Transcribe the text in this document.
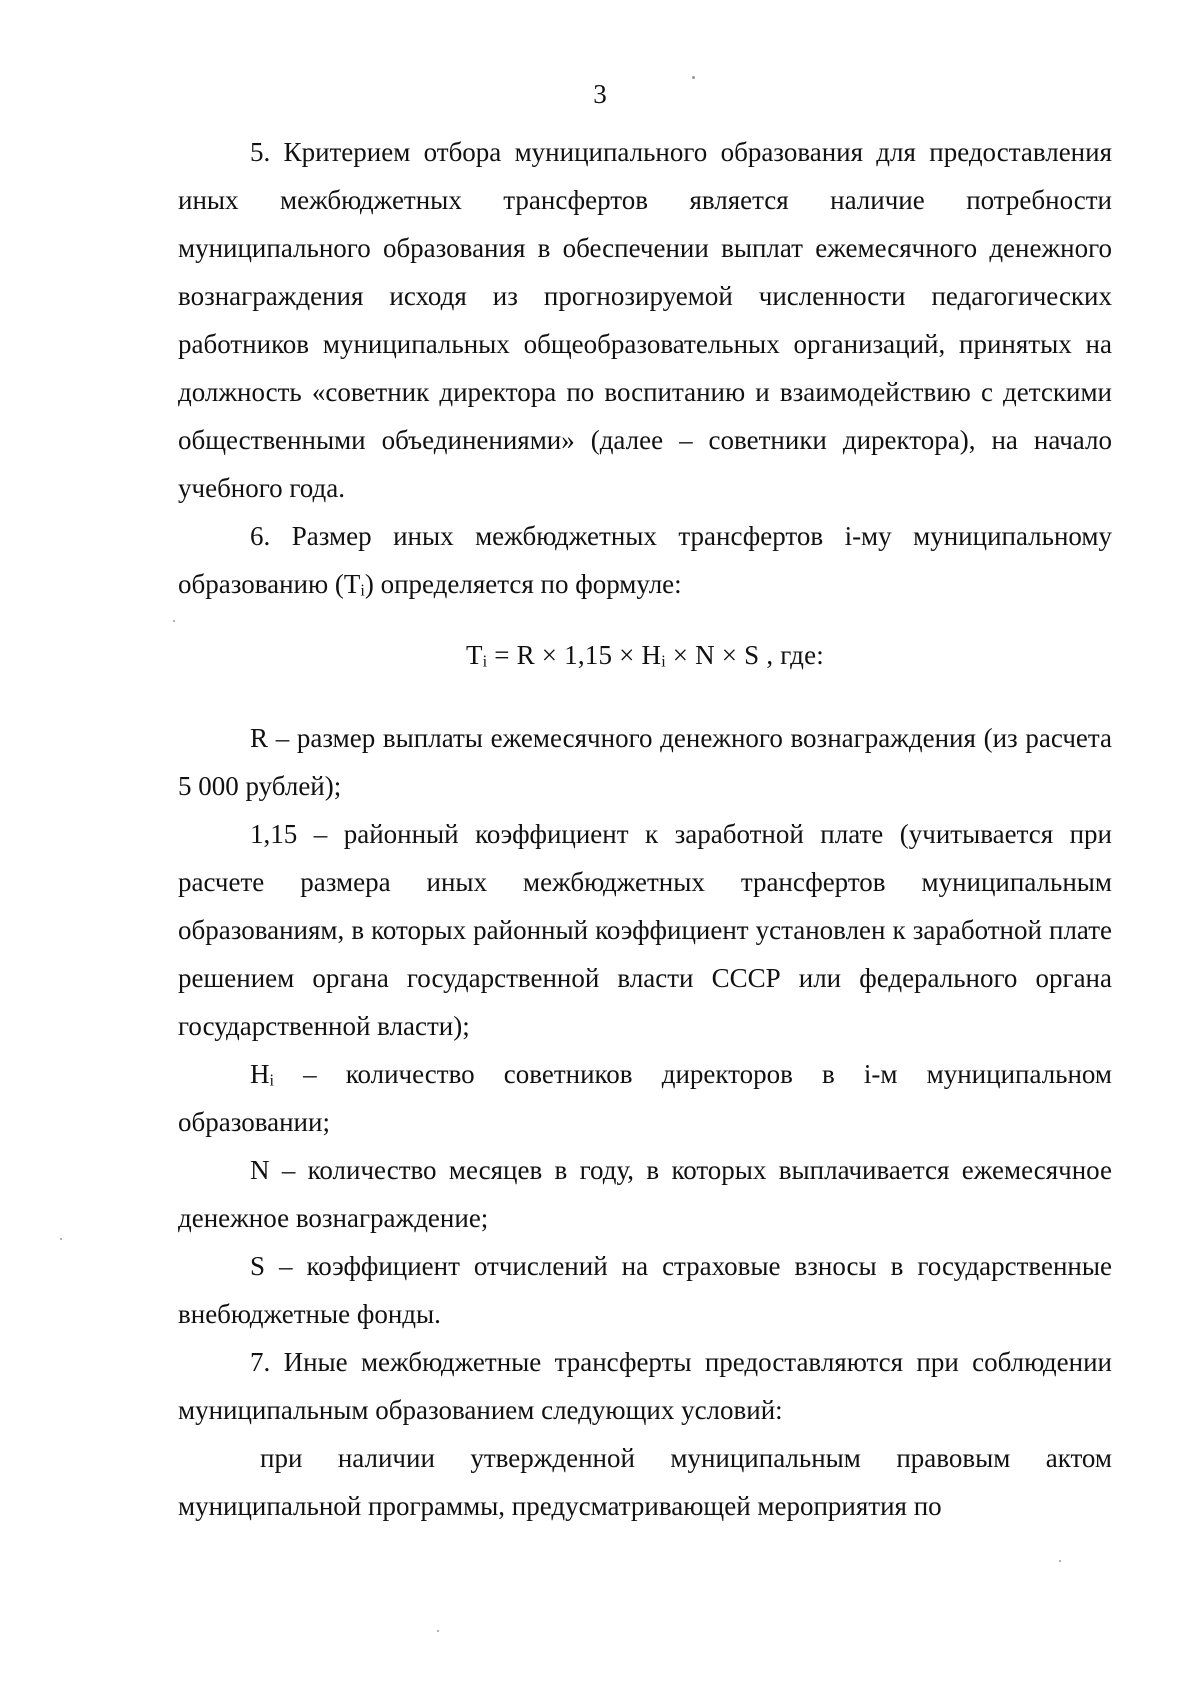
3

5. Критерием отбора муниципального образования для предоставления иных межбюджетных трансфертов является наличие потребности муниципального образования в обеспечении выплат ежемесячного денежного вознаграждения исходя из прогнозируемой численности педагогических работников муниципальных общеобразовательных организаций, принятых на должность «советник директора по воспитанию и взаимодействию с детскими общественными объединениями» (далее – советники директора), на начало учебного года.

6. Размер иных межбюджетных трансфертов i-му муниципальному образованию (Tᵢ) определяется по формуле:

Tᵢ = R × 1,15 × Hᵢ × N × S , где:

R – размер выплаты ежемесячного денежного вознаграждения (из расчета 5 000 рублей);

1,15 – районный коэффициент к заработной плате (учитывается при расчете размера иных межбюджетных трансфертов муниципальным образованиям, в которых районный коэффициент установлен к заработной плате решением органа государственной власти СССР или федерального органа государственной власти);

Hᵢ – количество советников директоров в i-м муниципальном образовании;

N – количество месяцев в году, в которых выплачивается ежемесячное денежное вознаграждение;

S – коэффициент отчислений на страховые взносы в государственные внебюджетные фонды.

7. Иные межбюджетные трансферты предоставляются при соблюдении муниципальным образованием следующих условий:

при наличии утвержденной муниципальным правовым актом муниципальной программы, предусматривающей мероприятия по
